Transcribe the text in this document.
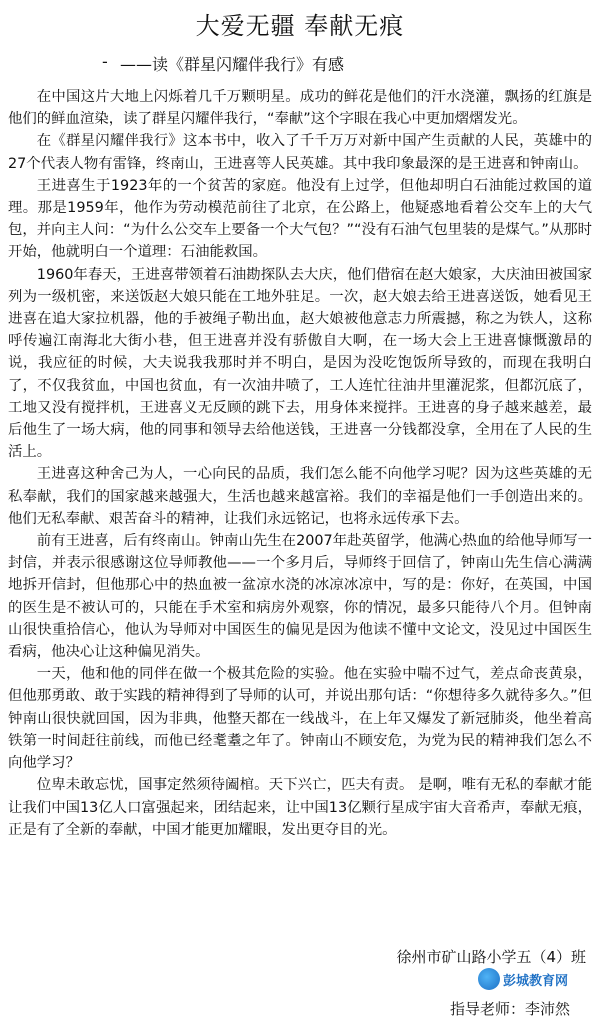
大爱无疆 奉献无痕
- ——读《群星闪耀伴我行》有感

在中国这片大地上闪烁着几千万颗明星。成功的鲜花是他们的汗水浇灌，飘扬的红旗是他们的鲜血渲染，读了群星闪耀伴我行，“奉献”这个字眼在我心中更加熠熠发光。

在《群星闪耀伴我行》这本书中，收入了千千万万对新中国产生贡献的人民，英雄中的27个代表人物有雷锋，终南山，王进喜等人民英雄。其中我印象最深的是王进喜和钟南山。

王进喜生于1923年的一个贫苦的家庭。他没有上过学，但他却明白石油能过救国的道理。那是1959年，他作为劳动模范前往了北京，在公路上，他疑惑地看着公交车上的大气包，并向主人问：“为什么公交车上要备一个大气包？”“没有石油气包里装的是煤气。”从那时开始，他就明白一个道理：石油能救国。

1960年春天，王进喜带领着石油勘探队去大庆，他们借宿在赵大娘家，大庆油田被国家列为一级机密，来送饭赵大娘只能在工地外驻足。一次，赵大娘去给王进喜送饭，她看见王进喜在追大家拉机器，他的手被绳子勒出血，赵大娘被他意志力所震撼，称之为铁人，这称呼传遍江南海北大街小巷，但王进喜并没有骄傲自大啊，在一场大会上王进喜慷慨激昂的说，我应征的时候，大夫说我我那时并不明白，是因为没吃饱饭所导致的，而现在我明白了，不仅我贫血，中国也贫血，有一次油井喷了，工人连忙往油井里灌泥浆，但都沉底了，工地又没有搅拌机，王进喜义无反顾的跳下去，用身体来搅拌。王进喜的身子越来越差，最后他生了一场大病，他的同事和领导去给他送钱，王进喜一分钱都没拿，全用在了人民的生活上。

王进喜这种舍己为人，一心向民的品质，我们怎么能不向他学习呢？因为这些英雄的无私奉献，我们的国家越来越强大，生活也越来越富裕。我们的幸福是他们一手创造出来的。他们无私奉献、艰苦奋斗的精神，让我们永远铭记，也将永远传承下去。

前有王进喜，后有终南山。钟南山先生在2007年赴英留学，他满心热血的给他导师写一封信，并表示很感谢这位导师教他——一个多月后，导师终于回信了，钟南山先生信心满满地拆开信封，但他那心中的热血被一盆凉水浇的冰凉冰凉中，写的是：你好，在英国，中国的医生是不被认可的，只能在手术室和病房外观察，你的情况，最多只能待八个月。但钟南山很快重拾信心，他认为导师对中国医生的偏见是因为他读不懂中文论文，没见过中国医生看病，他决心让这种偏见消失。

一天，他和他的同伴在做一个极其危险的实验。他在实验中喘不过气，差点命丧黄泉，但他那勇敢、敢于实践的精神得到了导师的认可，并说出那句话：“你想待多久就待多久。”但钟南山很快就回国，因为非典，他整天都在一线战斗，在上年又爆发了新冠肺炎，他坐着高铁第一时间赶往前线，而他已经耄耋之年了。钟南山不顾安危，为党为民的精神我们怎么不向他学习？

位卑未敢忘忧，国事定然须待阖棺。天下兴亡，匹夫有责。 是啊，唯有无私的奉献才能让我们中国13亿人口富强起来，团结起来，让中国13亿颗行星成宇宙大音希声，奉献无痕，正是有了全新的奉献，中国才能更加耀眼，发出更夺目的光。

徐州市矿山路小学五（4）班
彭城教育网
指导老师：李沛然
